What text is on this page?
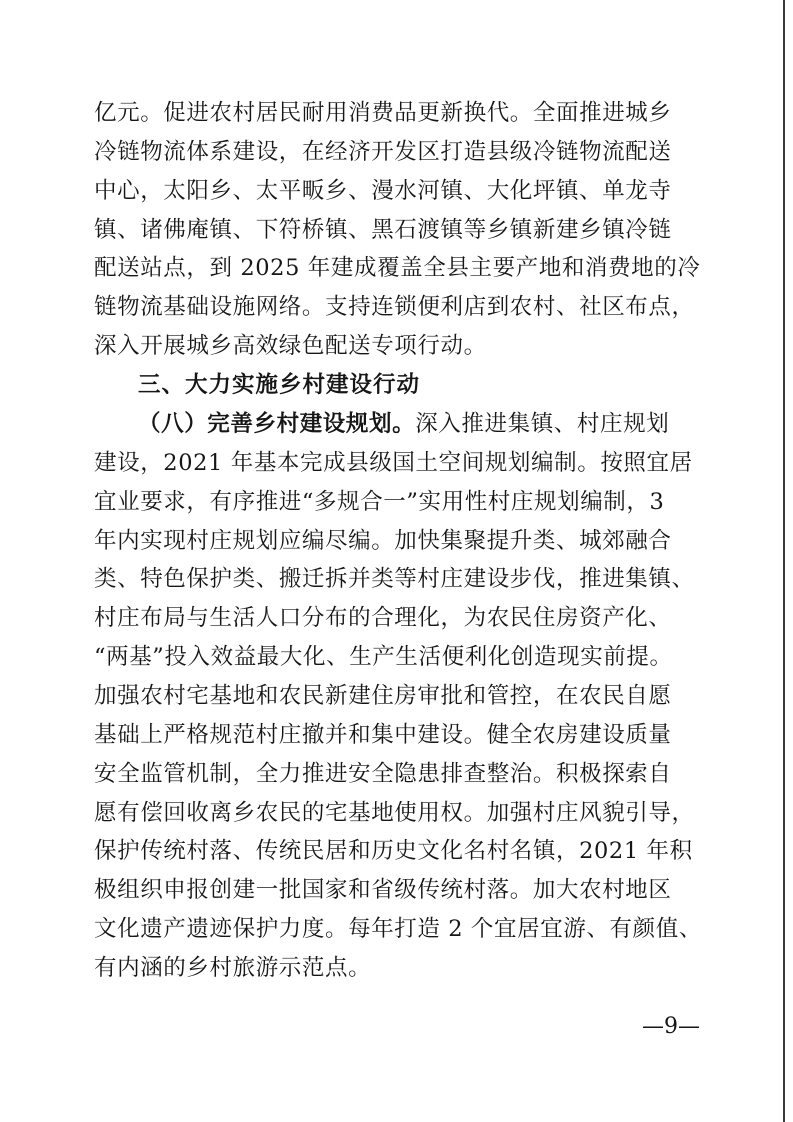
亿元。促进农村居民耐用消费品更新换代。全面推进城乡
冷链物流体系建设，在经济开发区打造县级冷链物流配送
中心，太阳乡、太平畈乡、漫水河镇、大化坪镇、单龙寺
镇、诸佛庵镇、下符桥镇、黑石渡镇等乡镇新建乡镇冷链
配送站点，到 2025 年建成覆盖全县主要产地和消费地的冷
链物流基础设施网络。支持连锁便利店到农村、社区布点，
深入开展城乡高效绿色配送专项行动。
三、大力实施乡村建设行动
（八）完善乡村建设规划。深入推进集镇、村庄规划
建设，2021 年基本完成县级国土空间规划编制。按照宜居
宜业要求，有序推进“多规合一”实用性村庄规划编制，3
年内实现村庄规划应编尽编。加快集聚提升类、城郊融合
类、特色保护类、搬迁拆并类等村庄建设步伐，推进集镇、
村庄布局与生活人口分布的合理化，为农民住房资产化、
“两基”投入效益最大化、生产生活便利化创造现实前提。
加强农村宅基地和农民新建住房审批和管控，在农民自愿
基础上严格规范村庄撤并和集中建设。健全农房建设质量
安全监管机制，全力推进安全隐患排查整治。积极探索自
愿有偿回收离乡农民的宅基地使用权。加强村庄风貌引导，
保护传统村落、传统民居和历史文化名村名镇，2021 年积
极组织申报创建一批国家和省级传统村落。加大农村地区
文化遗产遗迹保护力度。每年打造 2 个宜居宜游、有颜值、
有内涵的乡村旅游示范点。
—9—
